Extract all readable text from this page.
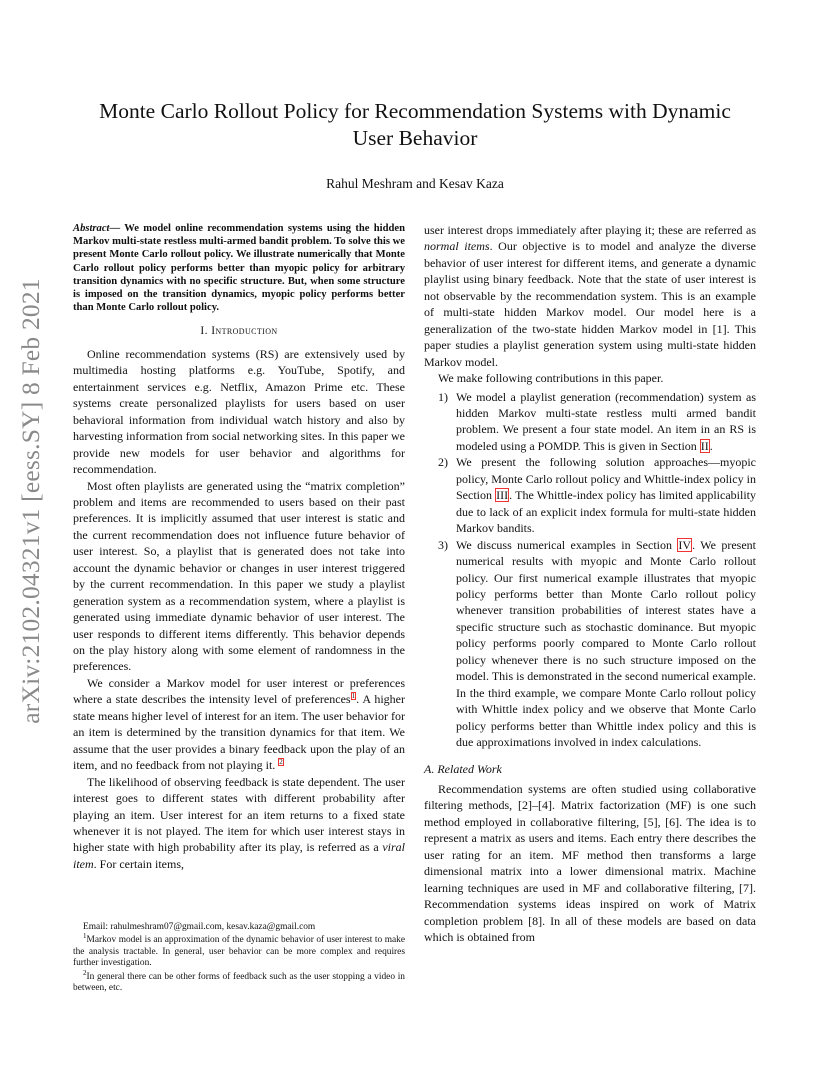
arXiv:2102.04321v1 [eess.SY] 8 Feb 2021
Monte Carlo Rollout Policy for Recommendation Systems with Dynamic
User Behavior

Rahul Meshram and Kesav Kaza

Abstract— We model online recommendation systems using the hidden Markov multi-state restless multi-armed bandit problem. To solve this we present Monte Carlo rollout policy. We illustrate numerically that Monte Carlo rollout policy performs better than myopic policy for arbitrary transition dynamics with no specific structure. But, when some structure is imposed on the transition dynamics, myopic policy performs better than Monte Carlo rollout policy.

I. Introduction

Online recommendation systems (RS) are extensively used by multimedia hosting platforms e.g. YouTube, Spotify, and entertainment services e.g. Netflix, Amazon Prime etc. These systems create personalized playlists for users based on user behavioral information from individual watch history and also by harvesting information from social networking sites. In this paper we provide new models for user behavior and algorithms for recommendation.

Most often playlists are generated using the “matrix completion” problem and items are recommended to users based on their past preferences. It is implicitly assumed that user interest is static and the current recommendation does not influence future behavior of user interest. So, a playlist that is generated does not take into account the dynamic behavior or changes in user interest triggered by the current recommendation. In this paper we study a playlist generation system as a recommendation system, where a playlist is generated using immediate dynamic behavior of user interest. The user responds to different items differently. This behavior depends on the play history along with some element of randomness in the preferences.

We consider a Markov model for user interest or preferences where a state describes the intensity level of preferences$^1$. A higher state means higher level of interest for an item. The user behavior for an item is determined by the transition dynamics for that item. We assume that the user provides a binary feedback upon the play of an item, and no feedback from not playing it. $^2$

The likelihood of observing feedback is state dependent. The user interest goes to different states with different probability after playing an item. User interest for an item returns to a fixed state whenever it is not played. The item for which user interest stays in higher state with high probability after its play, is referred as a viral item. For certain items,

user interest drops immediately after playing it; these are referred as normal items. Our objective is to model and analyze the diverse behavior of user interest for different items, and generate a dynamic playlist using binary feedback. Note that the state of user interest is not observable by the recommendation system. This is an example of multi-state hidden Markov model. Our model here is a generalization of the two-state hidden Markov model in [1]. This paper studies a playlist generation system using multi-state hidden Markov model.

We make following contributions in this paper.

1) We model a playlist generation (recommendation) system as hidden Markov multi-state restless multi armed bandit problem. We present a four state model. An item in an RS is modeled using a POMDP. This is given in Section II.
2) We present the following solution approaches—myopic policy, Monte Carlo rollout policy and Whittle-index policy in Section III. The Whittle-index policy has limited applicability due to lack of an explicit index formula for multi-state hidden Markov bandits.
3) We discuss numerical examples in Section IV. We present numerical results with myopic and Monte Carlo rollout policy. Our first numerical example illustrates that myopic policy performs better than Monte Carlo rollout policy whenever transition probabilities of interest states have a specific structure such as stochastic dominance. But myopic policy performs poorly compared to Monte Carlo rollout policy whenever there is no such structure imposed on the model. This is demonstrated in the second numerical example. In the third example, we compare Monte Carlo rollout policy with Whittle index policy and we observe that Monte Carlo policy performs better than Whittle index policy and this is due approximations involved in index calculations.
A. Related Work

Recommendation systems are often studied using collaborative filtering methods, [2]–[4]. Matrix factorization (MF) is one such method employed in collaborative filtering, [5], [6]. The idea is to represent a matrix as users and items. Each entry there describes the user rating for an item. MF method then transforms a large dimensional matrix into a lower dimensional matrix. Machine learning techniques are used in MF and collaborative filtering, [7]. Recommendation systems ideas inspired on work of Matrix completion problem [8]. In all of these models are based on data which is obtained from

Email: rahulmeshram07@gmail.com, kesav.kaza@gmail.com

$^1$Markov model is an approximation of the dynamic behavior of user interest to make the analysis tractable. In general, user behavior can be more complex and requires further investigation.

$^2$In general there can be other forms of feedback such as the user stopping a video in between, etc.
